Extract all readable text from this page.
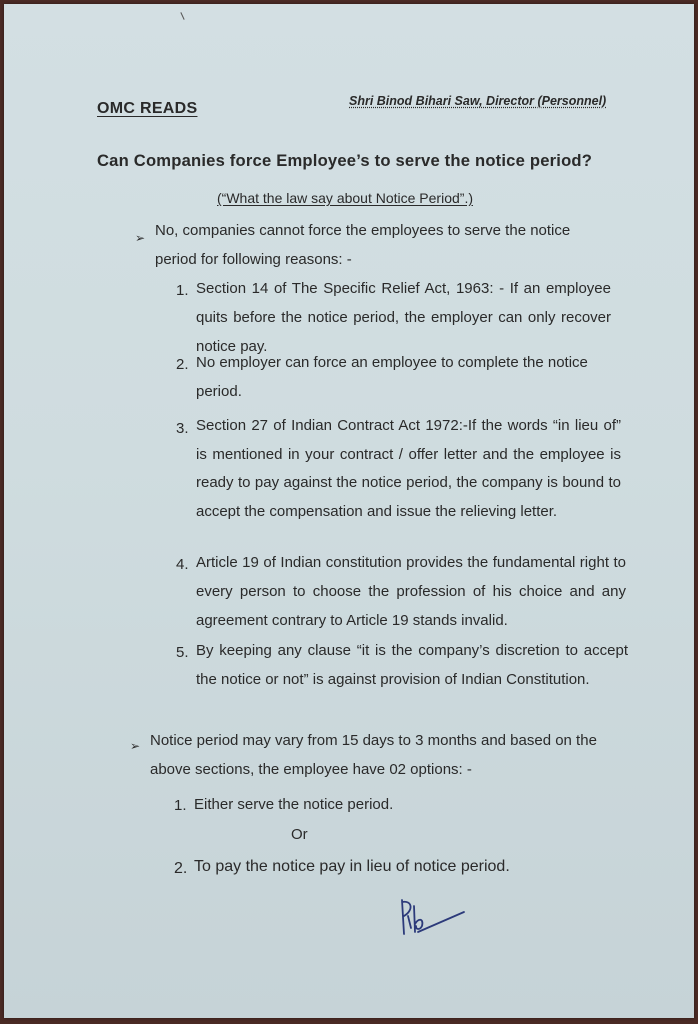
OMC READS	Shri Binod Bihari Saw, Director (Personnel)
Can Companies force Employee’s to serve the notice period?
(“What the law say about Notice Period”.)
➢ No, companies cannot force the employees to serve the notice period for following reasons: -
1. Section 14 of The Specific Relief Act, 1963: - If an employee quits before the notice period, the employer can only recover notice pay.
2. No employer can force an employee to complete the notice period.
3. Section 27 of Indian Contract Act 1972:-If the words “in lieu of” is mentioned in your contract / offer letter and the employee is ready to pay against the notice period, the company is bound to accept the compensation and issue the relieving letter.
4. Article 19 of Indian constitution provides the fundamental right to every person to choose the profession of his choice and any agreement contrary to Article 19 stands invalid.
5. By keeping any clause “it is the company’s discretion to accept the notice or not” is against provision of Indian Constitution.
➢ Notice period may vary from 15 days to 3 months and based on the above sections, the employee have 02 options: -
1. Either serve the notice period.
Or
2. To pay the notice pay in lieu of notice period.
